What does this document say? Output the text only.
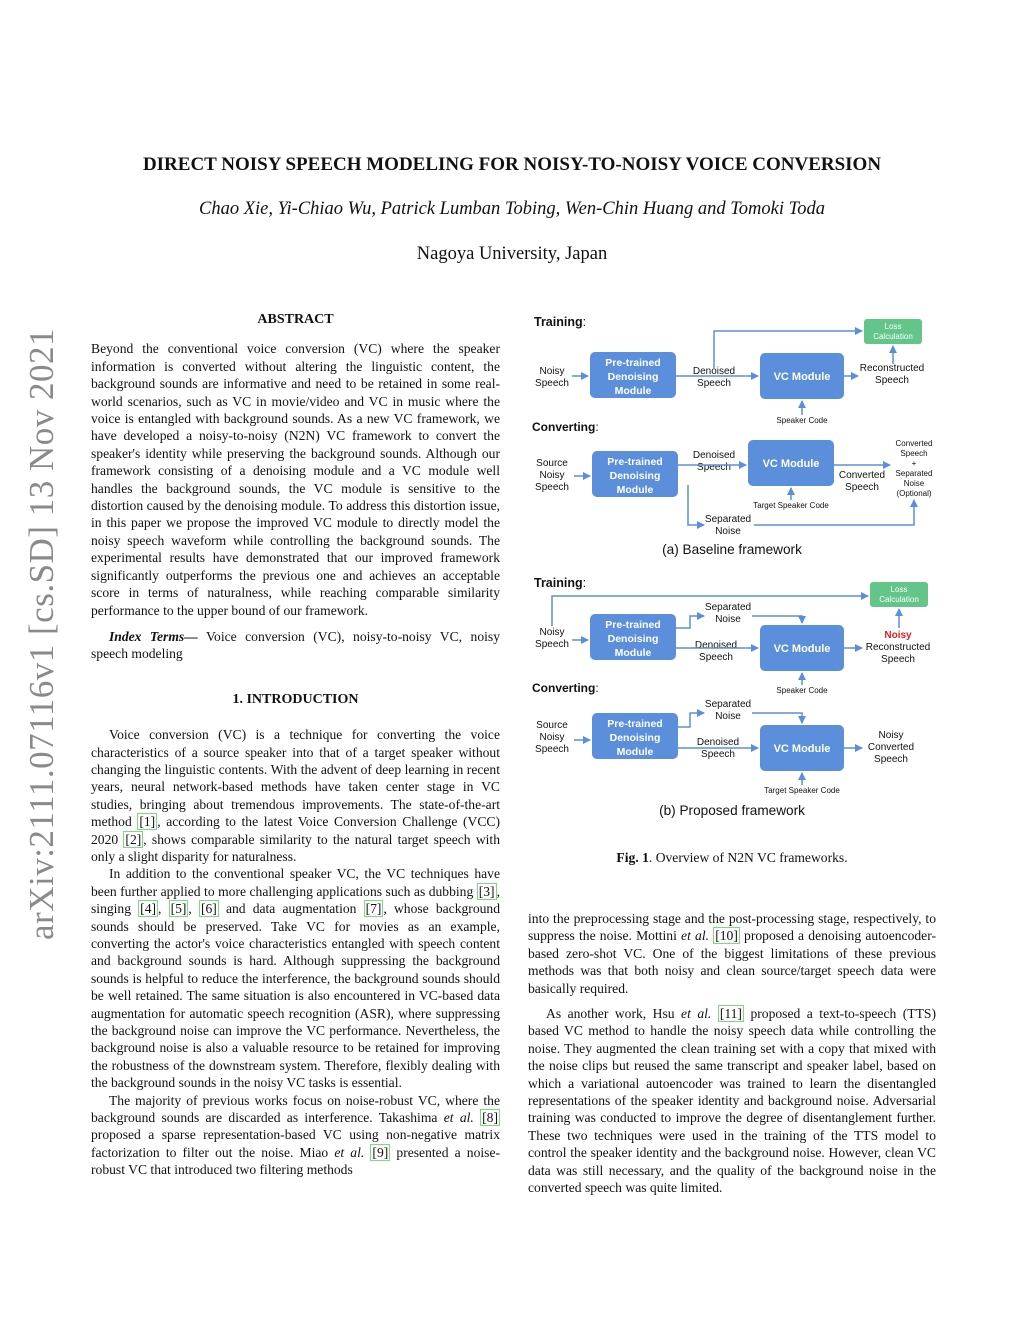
arXiv:2111.07116v1 [cs.SD] 13 Nov 2021
DIRECT NOISY SPEECH MODELING FOR NOISY-TO-NOISY VOICE CONVERSION
Chao Xie, Yi-Chiao Wu, Patrick Lumban Tobing, Wen-Chin Huang and Tomoki Toda
Nagoya University, Japan
ABSTRACT

Beyond the conventional voice conversion (VC) where the speaker information is converted without altering the linguistic content, the background sounds are informative and need to be retained in some real-world scenarios, such as VC in movie/video and VC in music where the voice is entangled with background sounds. As a new VC framework, we have developed a noisy-to-noisy (N2N) VC framework to convert the speaker's identity while preserving the background sounds. Although our framework consisting of a denoising module and a VC module well handles the background sounds, the VC module is sensitive to the distortion caused by the denoising module. To address this distortion issue, in this paper we propose the improved VC module to directly model the noisy speech waveform while controlling the background sounds. The experimental results have demonstrated that our improved framework significantly outperforms the previous one and achieves an acceptable score in terms of naturalness, while reaching comparable similarity performance to the upper bound of our framework.

Index Terms— Voice conversion (VC), noisy-to-noisy VC, noisy speech modeling

1. INTRODUCTION

Voice conversion (VC) is a technique for converting the voice characteristics of a source speaker into that of a target speaker without changing the linguistic contents. With the advent of deep learning in recent years, neural network-based methods have taken center stage in VC studies, bringing about tremendous improvements. The state-of-the-art method [1] , according to the latest Voice Conversion Challenge (VCC) 2020 [2] , shows comparable similarity to the natural target speech with only a slight disparity for naturalness.

In addition to the conventional speaker VC, the VC techniques have been further applied to more challenging applications such as dubbing [3] , singing [4] , [5] , [6] and data augmentation [7] , whose background sounds should be preserved. Take VC for movies as an example, converting the actor's voice characteristics entangled with speech content and background sounds is hard. Although suppressing the background sounds is helpful to reduce the interference, the background sounds should be well retained. The same situation is also encountered in VC-based data augmentation for automatic speech recognition (ASR), where suppressing the background noise can improve the VC performance. Nevertheless, the background noise is also a valuable resource to be retained for improving the robustness of the downstream system. Therefore, flexibly dealing with the background sounds in the noisy VC tasks is essential.

The majority of previous works focus on noise-robust VC, where the background sounds are discarded as interference. Takashima et al. [8] proposed a sparse representation-based VC using non-negative matrix factorization to filter out the noise. Miao et al. [9] presented a noise-robust VC that introduced two filtering methods

Training:	Loss
Calculation
Noisy
Speech
Pre-trained
Denoising
Module
Denoised
Speech
VC Module
Reconstructed
Speech
Speaker Code
Converting:
Source
Noisy
Speech
Pre-trained
Denoising
Module
Denoised
Speech	VC Module
Converted
Speech
Converted
Speech
+
Separated
Noise
(Optional)
Target Speaker Code
Separated
Noise
(a) Baseline framework
Training:	Loss
Calculation
Noisy
Speech
Pre-trained
Denoising
Module
Separated
Noise
Denoised
Speech
VC Module
Noisy
Reconstructed
Speech
Speaker Code
Converting:
Source
Noisy
Speech
Pre-trained
Denoising
Module
Separated
Noise
Denoised
Speech	VC Module
Noisy
Converted
Speech
Target Speaker Code
(b) Proposed framework
Fig. 1. Overview of N2N VC frameworks.

into the preprocessing stage and the post-processing stage, respectively, to suppress the noise. Mottini et al. [10] proposed a denoising autoencoder-based zero-shot VC. One of the biggest limitations of these previous methods was that both noisy and clean source/target speech data were basically required.

As another work, Hsu et al. [11] proposed a text-to-speech (TTS) based VC method to handle the noisy speech data while controlling the noise. They augmented the clean training set with a copy that mixed with the noise clips but reused the same transcript and speaker label, based on which a variational autoencoder was trained to learn the disentangled representations of the speaker identity and background noise. Adversarial training was conducted to improve the degree of disentanglement further. These two techniques were used in the training of the TTS model to control the speaker identity and the background noise. However, clean VC data was still necessary, and the quality of the background noise in the converted speech was quite limited.
